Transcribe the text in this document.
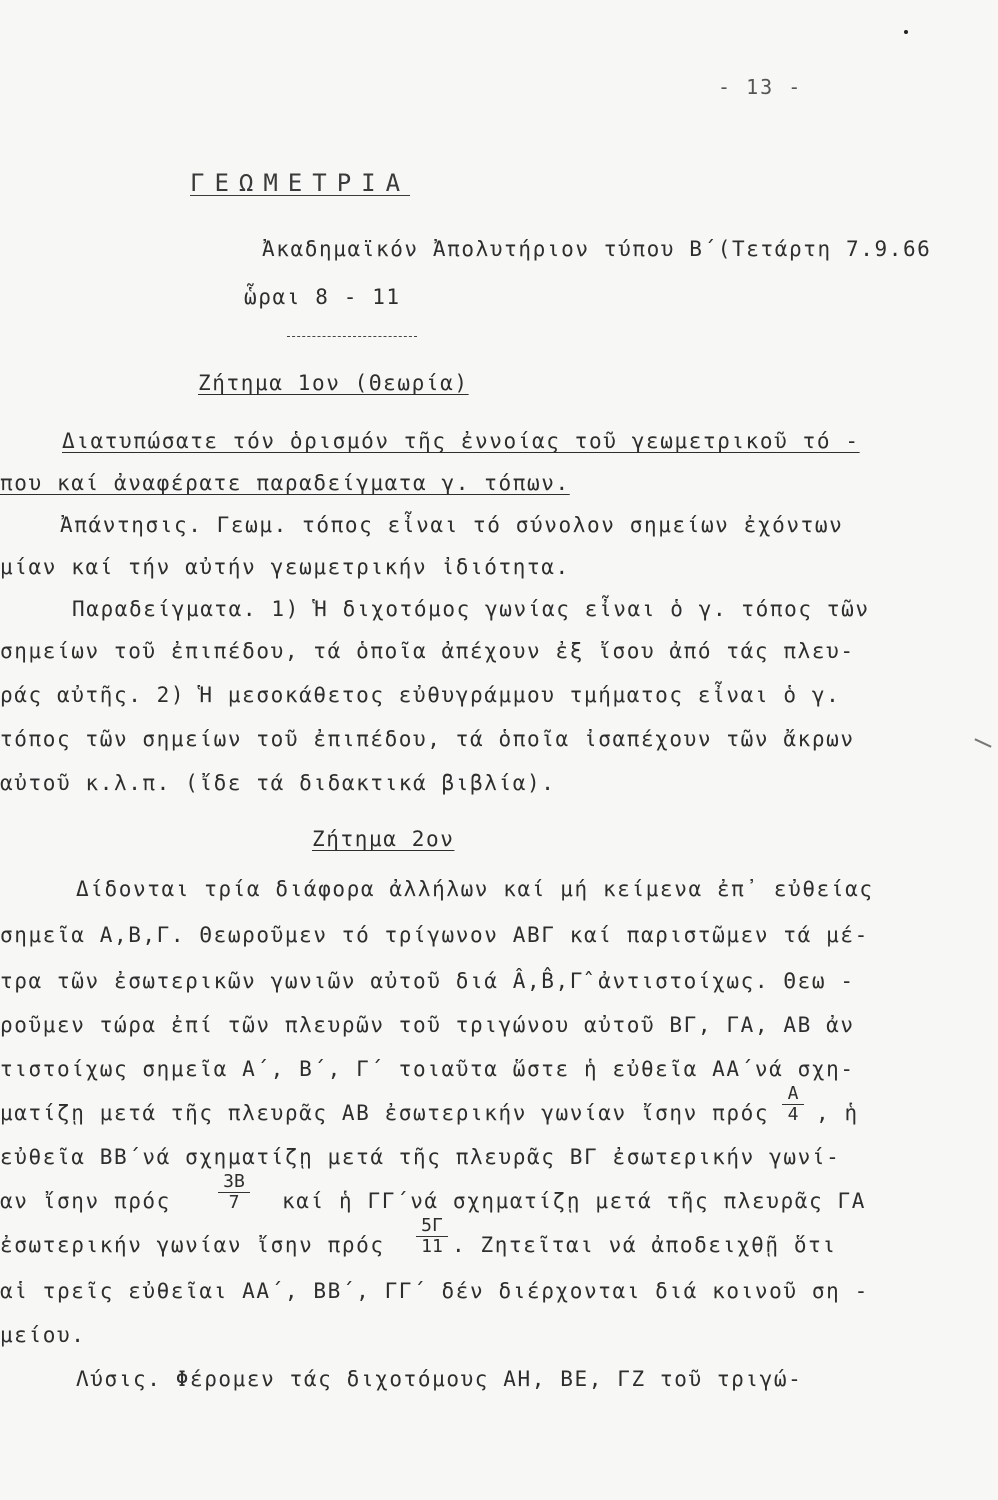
- 13 -
ΓΕΩΜΕΤΡΙΑ
Ἀκαδημαϊκόν Ἀπολυτήριον τύπου Β΄(Τετάρτη 7.9.66
ὧραι 8 - 11
Ζήτημα 1ον (Θεωρία)
Διατυπώσατε τόν ὁρισμόν τῆς ἐννοίας τοῦ γεωμετρικοῦ τό -
που καί ἀναφέρατε παραδείγματα γ. τόπων.
Ἀπάντησις. Γεωμ. τόπος εἶναι τό σύνολον σημείων ἐχόντων
μίαν καί τήν αὐτήν γεωμετρικήν ἰδιότητα.
Παραδείγματα. 1) Ἡ διχοτόμος γωνίας εἶναι ὁ γ. τόπος τῶν
σημείων τοῦ ἐπιπέδου, τά ὁποῖα ἀπέχουν ἐξ ἴσου ἀπό τάς πλευ-
ράς αὐτῆς. 2) Ἡ μεσοκάθετος εὐθυγράμμου τμήματος εἶναι ὁ γ.
τόπος τῶν σημείων τοῦ ἐπιπέδου, τά ὁποῖα ἰσαπέχουν τῶν ἄκρων
αὐτοῦ κ.λ.π. (ἴδε τά διδακτικά βιβλία).
Ζήτημα 2ον
Δίδονται τρία διάφορα ἀλλήλων καί μή κείμενα ἐπ᾿ εὐθείας
σημεῖα Α,Β,Γ. Θεωροῦμεν τό τρίγωνον ΑΒΓ καί παριστῶμεν τά μέ-
τρα τῶν ἐσωτερικῶν γωνιῶν αὐτοῦ διά Â,B̂,Γ̂ ἀντιστοίχως. Θεω -
ροῦμεν τώρα ἐπί τῶν πλευρῶν τοῦ τριγώνου αὐτοῦ ΒΓ, ΓΑ, ΑΒ ἀν
τιστοίχως σημεῖα Α΄, Β΄, Γ΄ τοιαῦτα ὥστε ἡ εὐθεῖα ΑΑ΄νά σχη-
ματίζῃ μετά τῆς πλευρᾶς ΑΒ ἐσωτερικήν γωνίαν ἴσην πρός $\frac{A}{4}$ , ἡ
εὐθεῖα ΒΒ΄νά σχηματίζῃ μετά τῆς πλευρᾶς ΒΓ ἐσωτερικήν γωνί-
αν ἴσην πρός	$\frac{3B}{7}$ καί ἡ ΓΓ΄νά σχηματίζῃ μετά τῆς πλευρᾶς ΓΑ
ἐσωτερικήν γωνίαν ἴσην πρός $\frac{5\Gamma}{11}$ . Ζητεῖται νά ἀποδειχθῇ ὅτι
αἱ τρεῖς εὐθεῖαι ΑΑ΄, ΒΒ΄, ΓΓ΄ δέν διέρχονται διά κοινοῦ ση -
μείου.
Λύσις. Φέρομεν τάς διχοτόμους ΑΗ, ΒΕ, ΓΖ τοῦ τριγώ-
